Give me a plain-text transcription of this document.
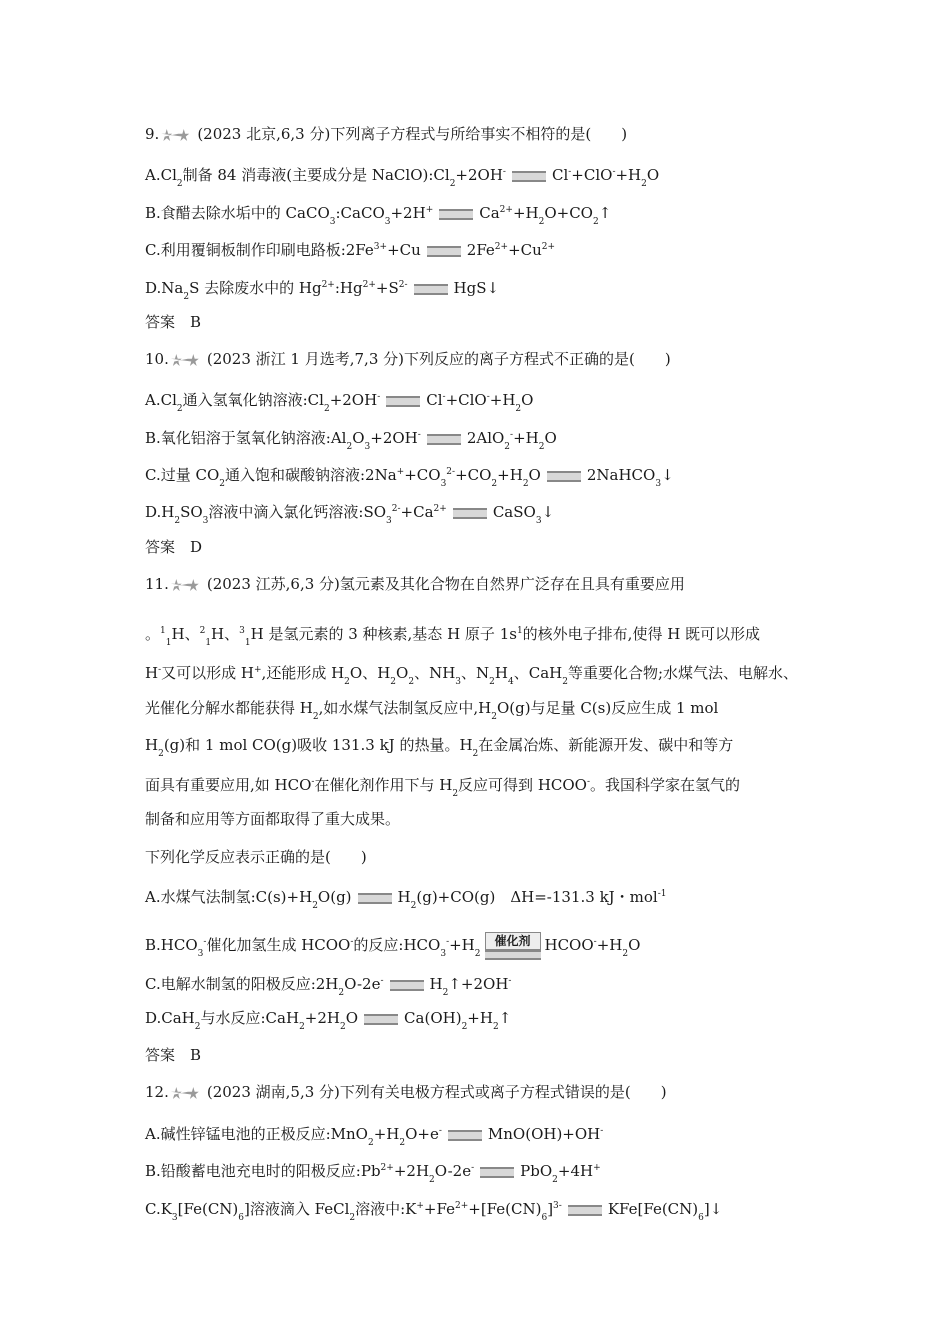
9.	(2023 北京,6,3 分)下列离子方程式与所给事实不相符的是(　　)
$A.Cl_2$制备 84 消毒液(主要成分是 $NaClO):Cl_2+2OH^-$	$Cl^-+ClO^-+H_2O$
B.食醋去除水垢中的 CaCO$_3$:CaCO$_3$+2H+	$Ca^{2+}+H_2O+CO_2↑$
C.利用覆铜板制作印刷电路板$:2Fe^{3+}+Cu$	$2Fe^{2+}+Cu^{2+}$
$D.Na_2S$ 去除废水中的 $Hg^{2+}:Hg^{2+}+S^{2-}$	HgS↓
答案　B
10.	(2023 浙江 1 月选考,7,3 分)下列反应的离子方程式不正确的是(　　)
$A.Cl_2$通入氢氧化钠溶液$:Cl_2+2OH^-$	$Cl^-+ClO^-+H_2O$
B.氧化铝溶于氢氧化钠溶液$:Al_2O_3+2OH^-$	$2AlO_2^-+H_2O$
C.过量 $CO_2$通入饱和碳酸钠溶液$:2Na^++CO_3^{2-}+CO_2+H_2O$	2NaHCO$_3$↓
$D.H_2SO_3$溶液中滴入氯化钙溶液$:SO_3^{2-}+Ca^{2+}$	CaSO$_3$↓
答案　D
11.	(2023 江苏,6,3 分)氢元素及其化合物在自然界广泛存在且具有重要应用
。$^1_1$H、$^2_1$H、$^3_1$H 是氢元素的 3 种核素,基态 H 原子 $1s^1$的核外电子排布,使得 H 既可以形成
H-又可以形成 H+,还能形成 $H_2O$、$H_2O_2$、$NH_3$、$N_2H_4$、CaH$_2$等重要化合物;水煤气法、电解水、
光催化分解水都能获得 $H_2$,如水煤气法制氢反应中$,H_2O(g)$与足量 C(s)反应生成 1 mol
$H_2(g)$和 1 mol CO(g)吸收 131.3 kJ 的热量。$H_2$在金属冶炼、新能源开发、碳中和等方
面具有重要应用,如 HCO-在催化剂作用下与 $H_2$反应可得到 HCOO-。我国科学家在氢气的
制备和应用等方面都取得了重大成果。
下列化学反应表示正确的是(　　)
A.水煤气法制氢$:C(s)+H_2O(g)$	$H_2(g)+CO(g)$　ΔH=-131.3 kJ・mol$^{-1}$
$B.HCO_3^-$催化加氢生成 HCOO-的反应$:HCO_3^-+H_2$
催化剂 $HCOO^-+H_2O$
C.电解水制氢的阳极反应$:2H_2O-2e^-$	$H_2↑+2OH^-$
D.CaH$_2$与水反应$:CaH_2+2H_2O$	$Ca(OH)_2+H_2↑$
答案　B
12.	(2023 湖南,5,3 分)下列有关电极方程式或离子方程式错误的是(　　)
A.碱性锌锰电池的正极反应$:MnO_2+H_2O+e^-$	MnO(OH)+OH-
B.铅酸蓄电池充电时的阳极反应$:Pb^{2+}+2H_2O-2e^-$	PbO$_2$+4H+
$C.K_3[Fe(CN)_6]$溶液滴入 FeCl$_2$溶液中$:K^++Fe^{2+}+[Fe(CN)_6]^{3-}$	$KFe[Fe(CN)_6]↓$
